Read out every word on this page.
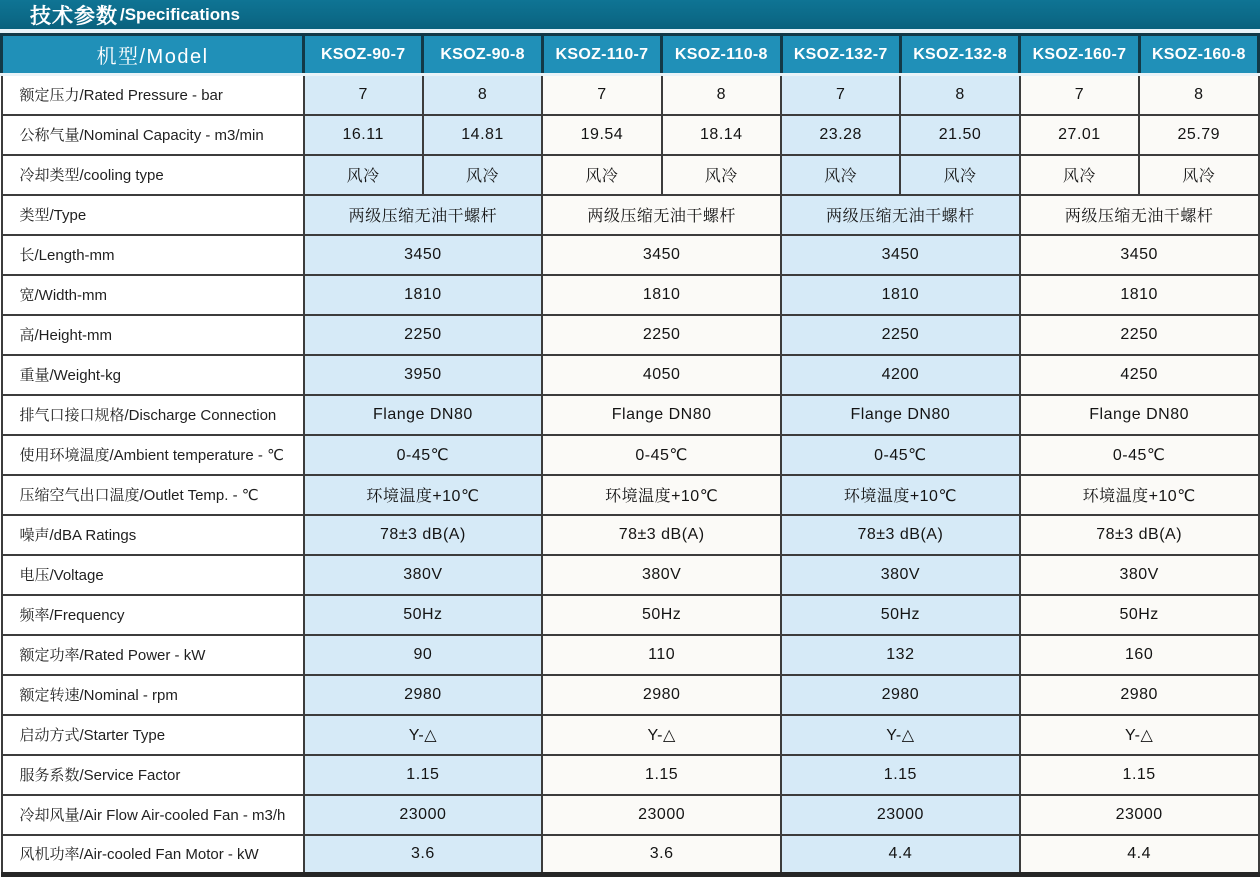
技术参数 /Specifications
机型/Model	KSOZ-90-7	KSOZ-90-8	KSOZ-110-7	KSOZ-110-8	KSOZ-132-7	KSOZ-132-8	KSOZ-160-7	KSOZ-160-8
额定压力/Rated Pressure - bar	7	8	7	8	7	8	7	8
公称气量/Nominal Capacity - m3/min	16.11	14.81	19.54	18.14	23.28	21.50	27.01	25.79
冷却类型/cooling type	风冷	风冷	风冷	风冷	风冷	风冷	风冷	风冷
类型/Type	两级压缩无油干螺杆		两级压缩无油干螺杆		两级压缩无油干螺杆		两级压缩无油干螺杆	
长/Length-mm	3450		3450		3450		3450	
宽/Width-mm	1810		1810		1810		1810	
高/Height-mm	2250		2250		2250		2250	
重量/Weight-kg	3950		4050		4200		4250	
排气口接口规格/Discharge Connection	Flange DN80		Flange DN80		Flange DN80		Flange DN80	
使用环境温度/Ambient temperature - ℃	0-45℃		0-45℃		0-45℃		0-45℃	
压缩空气出口温度/Outlet Temp. - ℃	环境温度+10℃		环境温度+10℃		环境温度+10℃		环境温度+10℃	
噪声/dBA Ratings	78±3 dB(A)		78±3 dB(A)		78±3 dB(A)		78±3 dB(A)	
电压/Voltage	380V		380V		380V		380V	
频率/Frequency	50Hz		50Hz		50Hz		50Hz	
额定功率/Rated Power - kW	90		110		132		160	
额定转速/Nominal - rpm	2980		2980		2980		2980	
启动方式/Starter Type	Y-△		Y-△		Y-△		Y-△	
服务系数/Service Factor	1.15		1.15		1.15		1.15	
冷却风量/Air Flow Air-cooled Fan - m3/h	23000		23000		23000		23000	
风机功率/Air-cooled Fan Motor - kW	3.6		3.6		4.4		4.4	
